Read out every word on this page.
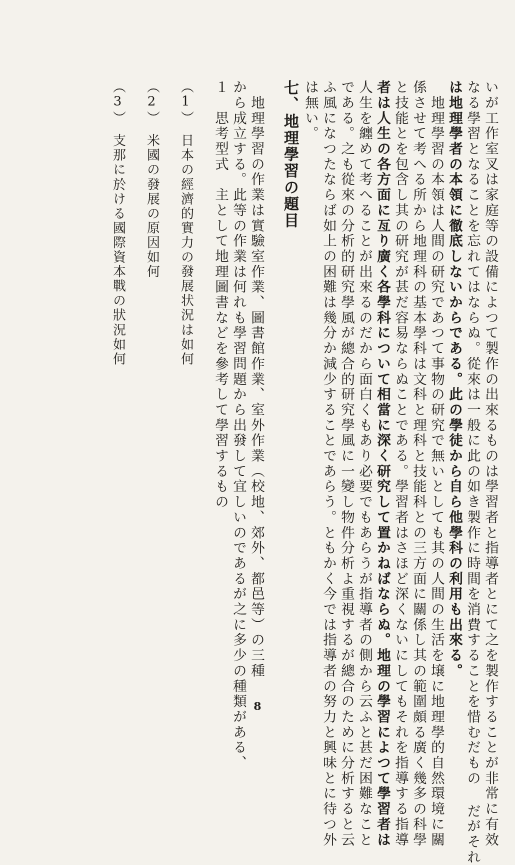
いが工作室叉は家庭等の設備によつて製作の出來るものは學習者と指導者とにて之を製作することが非常に有效
なる學習となることを忘れてはならぬ。從來は一般に此の如き製作に時間を消費することを惜むだもの だがそれ
は地理學者の本領に徹底しないからである。此の學徒から自ら他學科の利用も出來る。
　地理學習の本領は人間の研究であつて事物の研究で無いとしても其の人間の生活を壌に地理學的自然環境に關
係させて考へる所から地理科の基本學科は文科と理科と技能科との三方面に關係し其の範圍頗る廣く幾多の科學
と技能とを包含し其の研究が甚だ容易ならぬことである。學習者はさほど深くないにしてもそれを指導する指導
者は人生の各方面に亙り廣く各學科について相當に深く研究して置かねばならぬ。地理の學習によつて學習者は
人生を纏めて考へることが出來るのだから面白くもあり必要でもあらうが指導者の側から云ふと甚だ困難なこと
である。之も從來の分析的研究學風が總合的研究學風に一變し物件分析よ重視するが總合のために分析すると云
ふ風になつたならば如上の困難は幾分か減少することであらう。ともかく今では指導者の努力と興味とに待つ外
は無い。
七、地理學習の題目
　地理學習の作業は實驗室作業、圖書館作業、室外作業（校地、郊外、都邑等）の三種
から成立する。此等の作業は何れも學習問題から出發して宜しいのであるが之に多少の種類がある、
１　思考型式　主として地理圖書などを參考して學習するもの
（1）　日本の經濟的實力の發展状況は如何
（2）　米國の發展の原因如何
（3）　支那に於ける國際資本戰の狀況如何
8
